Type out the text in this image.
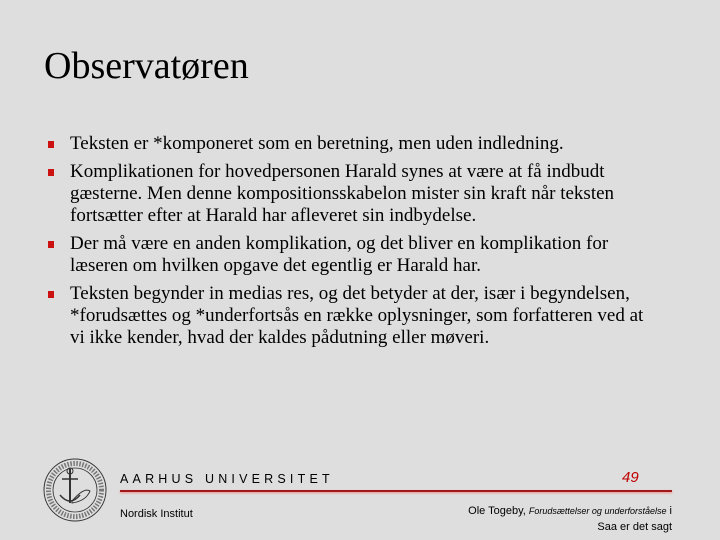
Observatøren
Teksten er *komponeret som en beretning, men uden indledning.
Komplikationen for hovedpersonen Harald synes at være at få indbudt
gæsterne. Men denne kompositionsskabelon mister sin kraft når teksten
fortsætter efter at Harald har afleveret sin indbydelse.
Der må være en anden komplikation, og det bliver en komplikation for
læseren om hvilken opgave det egentlig er Harald har.
Teksten begynder in medias res, og det betyder at der, især i begyndelsen,
*forudsættes og *underfortsås en række oplysninger, som forfatteren ved at
vi ikke kender, hvad der kaldes pådutning eller møveri.
AARHUS UNIVERSITET	49
Nordisk Institut	Ole Togeby, Forudsættelser og underforståelse i
Saa er det sagt
